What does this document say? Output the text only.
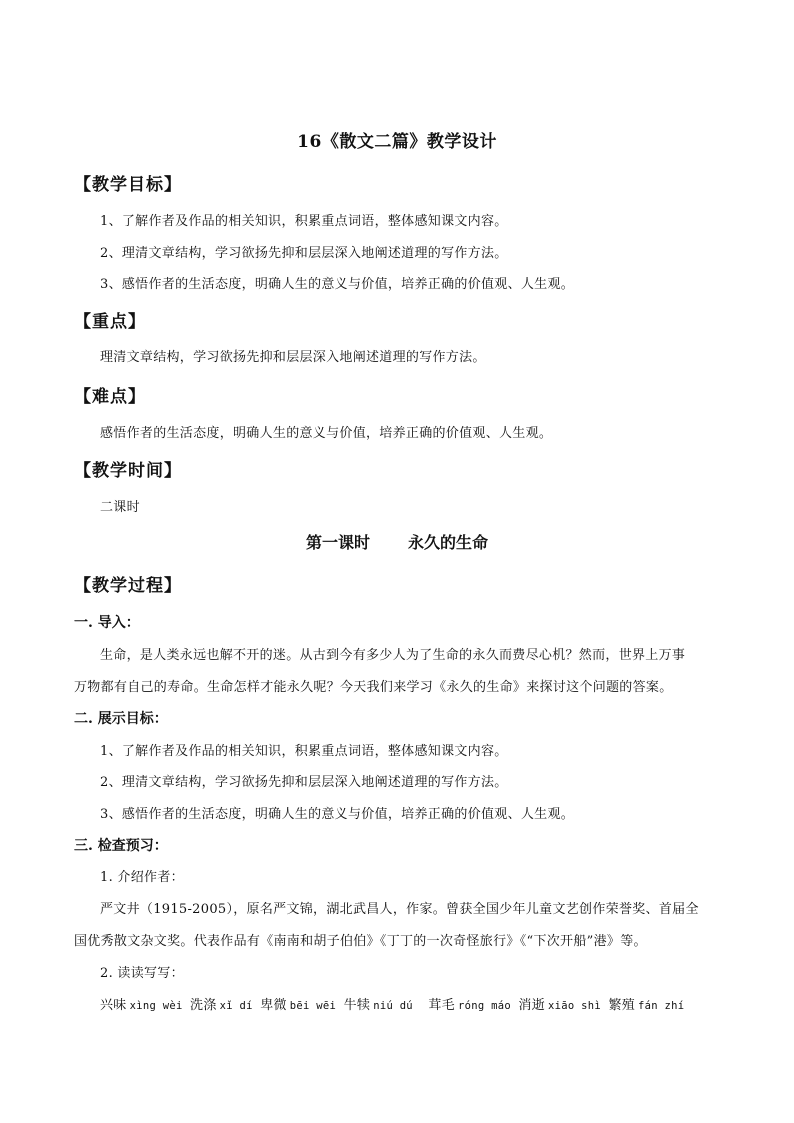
16《散文二篇》教学设计
【教学目标】
1、了解作者及作品的相关知识，积累重点词语，整体感知课文内容。
2、理清文章结构，学习欲扬先抑和层层深入地阐述道理的写作方法。
3、感悟作者的生活态度，明确人生的意义与价值，培养正确的价值观、人生观。
【重点】
理清文章结构，学习欲扬先抑和层层深入地阐述道理的写作方法。
【难点】
感悟作者的生活态度，明确人生的意义与价值，培养正确的价值观、人生观。
【教学时间】
二课时
第一课时 永久的生命
【教学过程】
一. 导入：
生命，是人类永远也解不开的迷。从古到今有多少人为了生命的永久而费尽心机？然而，世界上万事
万物都有自己的寿命。生命怎样才能永久呢？今天我们来学习《永久的生命》来探讨这个问题的答案。
二. 展示目标：
1、了解作者及作品的相关知识，积累重点词语，整体感知课文内容。
2、理清文章结构，学习欲扬先抑和层层深入地阐述道理的写作方法。
3、感悟作者的生活态度，明确人生的意义与价值，培养正确的价值观、人生观。
三. 检查预习：
1. 介绍作者：
严文井（1915-2005），原名严文锦，湖北武昌人，作家。曾获全国少年儿童文艺创作荣誉奖、首届全
国优秀散文杂文奖。代表作品有《南南和胡子伯伯》《丁丁的一次奇怪旅行》《“下次开船”港》等。
2. 读读写写：
兴味 xìng wèi 洗涤 xǐ dí 卑微 bēi wēi 牛犊 niú dú 茸毛 róng máo 消逝 xiāo shì 繁殖 fán zhí
